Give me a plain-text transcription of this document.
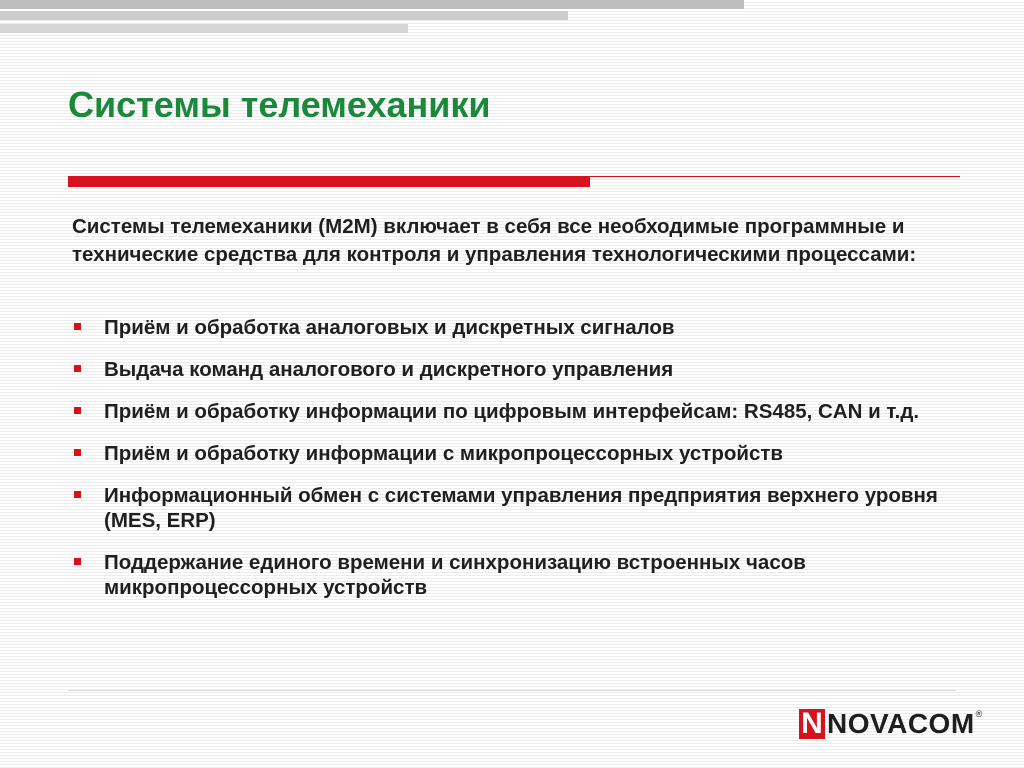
Системы телемеханики
Системы телемеханики (M2M) включает в себя все необходимые программные и технические средства для контроля и управления технологическими процессами:
Приём и обработка аналоговых и дискретных сигналов
Выдача команд аналогового и дискретного управления
Приём и обработку информации по цифровым интерфейсам: RS485, CAN и т.д.
Приём и обработку информации с микропроцессорных устройств
Информационный обмен с системами управления предприятия верхнего уровня (MES, ERP)
Поддержание единого времени и синхронизацию встроенных часов микропроцессорных устройств
N NOVACOM ®
